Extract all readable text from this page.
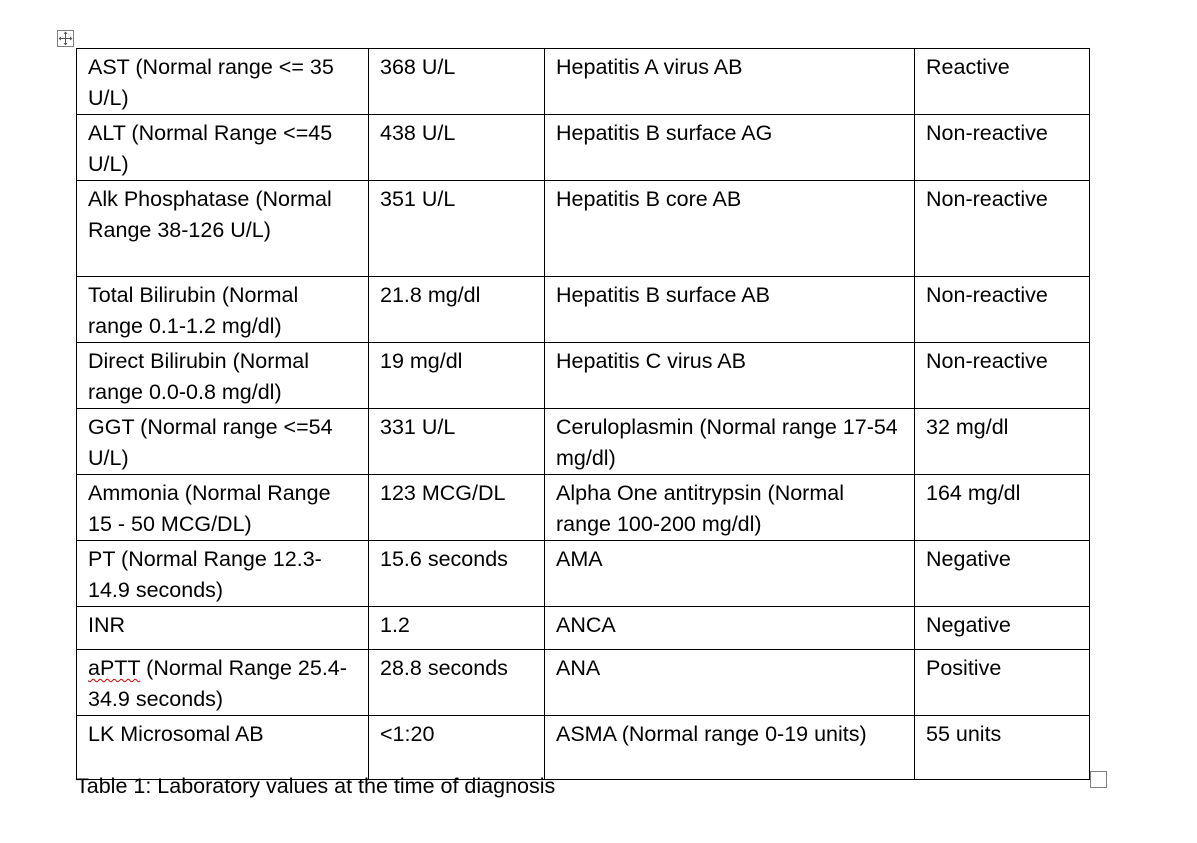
AST (Normal range <= 35 U/L)	368 U/L	Hepatitis A virus AB	Reactive
ALT (Normal Range <=45 U/L)	438 U/L	Hepatitis B surface AG	Non-reactive
Alk Phosphatase (Normal Range 38-126 U/L)	351 U/L	Hepatitis B core AB	Non-reactive
Total Bilirubin (Normal range 0.1-1.2 mg/dl)	21.8 mg/dl	Hepatitis B surface AB	Non-reactive
Direct Bilirubin (Normal range 0.0-0.8 mg/dl)	19 mg/dl	Hepatitis C virus AB	Non-reactive
GGT (Normal range <=54 U/L)	331 U/L	Ceruloplasmin (Normal range 17-54 mg/dl)	32 mg/dl
Ammonia (Normal Range 15 - 50 MCG/DL)	123 MCG/DL	Alpha One antitrypsin (Normal range 100-200 mg/dl)	164 mg/dl
PT (Normal Range 12.3-14.9 seconds)	15.6 seconds	AMA	Negative
INR	1.2	ANCA	Negative
aPTT (Normal Range 25.4- 34.9 seconds)	28.8 seconds	ANA	Positive
LK Microsomal AB	<1:20	ASMA (Normal range 0-19 units)	55 units
Table 1: Laboratory values at the time of diagnosis
